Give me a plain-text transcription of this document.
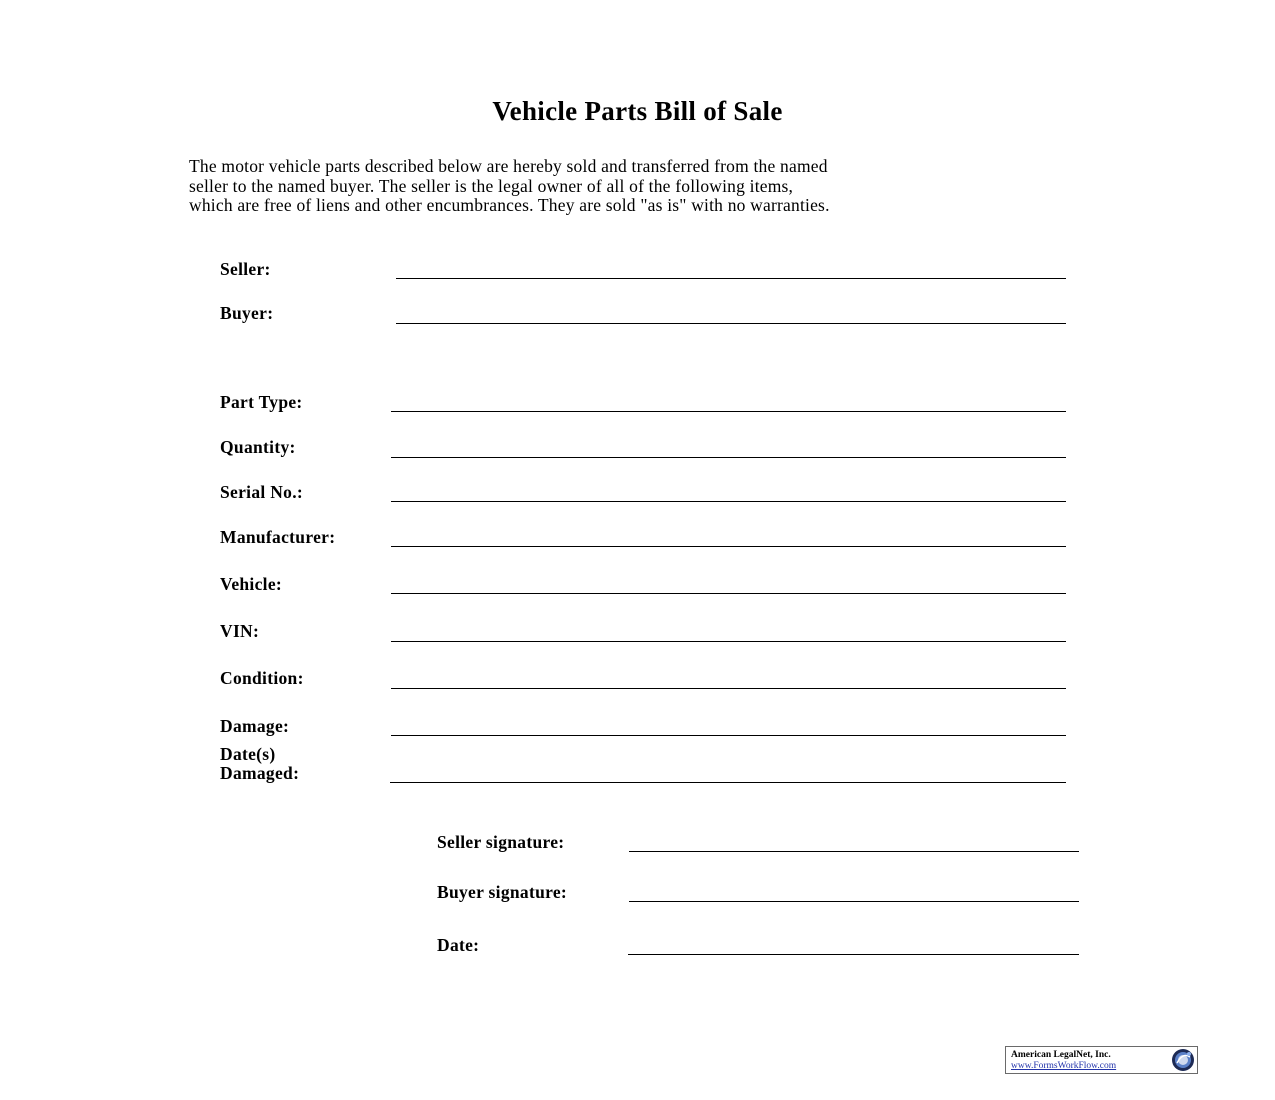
Vehicle Parts Bill of Sale
The motor vehicle parts described below are hereby sold and transferred from the named
seller to the named buyer. The seller is the legal owner of all of the following items,
which are free of liens and other encumbrances. They are sold "as is" with no warranties.
Seller:
Buyer:
Part Type:
Quantity:
Serial No.:
Manufacturer:
Vehicle:
VIN:
Condition:
Damage:
Date(s)
Damaged:
Seller signature:
Buyer signature:
Date:
American LegalNet, Inc.
www.FormsWorkFlow.com
